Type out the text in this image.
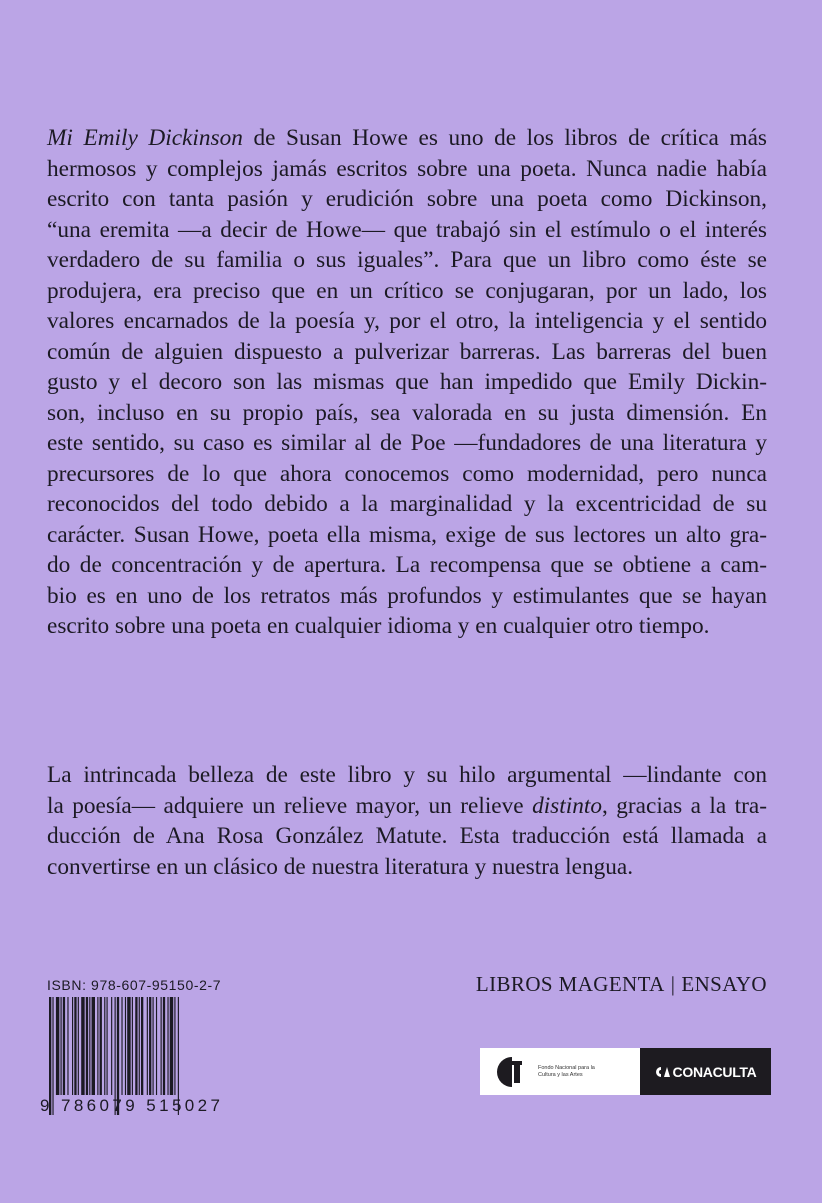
Mi Emily Dickinson de Susan Howe es uno de los libros de crítica más
hermosos y complejos jamás escritos sobre una poeta. Nunca nadie había
escrito con tanta pasión y erudición sobre una poeta como Dickinson,
“una eremita —a decir de Howe— que trabajó sin el estímulo o el interés
verdadero de su familia o sus iguales”. Para que un libro como éste se
produjera, era preciso que en un crítico se conjugaran, por un lado, los
valores encarnados de la poesía y, por el otro, la inteligencia y el sentido
común de alguien dispuesto a pulverizar barreras. Las barreras del buen
gusto y el decoro son las mismas que han impedido que Emily Dickin-
son, incluso en su propio país, sea valorada en su justa dimensión. En
este sentido, su caso es similar al de Poe —fundadores de una literatura y
precursores de lo que ahora conocemos como modernidad, pero nunca
reconocidos del todo debido a la marginalidad y la excentricidad de su
carácter. Susan Howe, poeta ella misma, exige de sus lectores un alto gra-
do de concentración y de apertura. La recompensa que se obtiene a cam-
bio es en uno de los retratos más profundos y estimulantes que se hayan
escrito sobre una poeta en cualquier idioma y en cualquier otro tiempo.
La intrincada belleza de este libro y su hilo argumental —lindante con
la poesía— adquiere un relieve mayor, un relieve distinto, gracias a la tra-
ducción de Ana Rosa González Matute. Esta traducción está llamada a
convertirse en un clásico de nuestra literatura y nuestra lengua.
LIBROS MAGENTA | ENSAYO
ISBN: 978-607-95150-2-7
9 786079 515027
Fondo Nacional para la Cultura y las Artes	CONACULTA
